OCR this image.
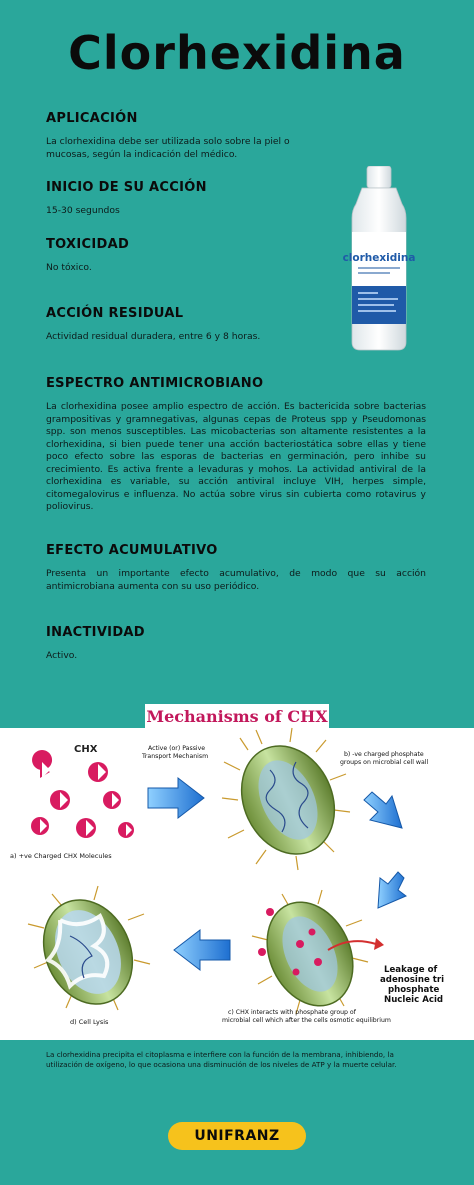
Clorhexidina
APLICACIÓN

La clorhexidina debe ser utilizada solo sobre la piel o mucosas, según la indicación del médico.

INICIO DE SU ACCIÓN

15-30 segundos

TOXICIDAD

No tóxico.

ACCIÓN RESIDUAL

Actividad residual duradera, entre 6 y 8 horas.

ESPECTRO ANTIMICROBIANO

La clorhexidina posee amplio espectro de acción. Es bactericida sobre bacterias grampositivas y gramnegativas, algunas cepas de Proteus spp y Pseudomonas spp. son menos susceptibles. Las micobacterias son altamente resistentes a la clorhexidina, si bien puede tener una acción bacteriostática sobre ellas y tiene poco efecto sobre las esporas de bacterias en germinación, pero inhibe su crecimiento. Es activa frente a levaduras y mohos. La actividad antiviral de la clorhexidina es variable, su acción antiviral incluye VIH, herpes simple, citomegalovirus e influenza. No actúa sobre virus sin cubierta como rotavirus y poliovirus.

EFECTO ACUMULATIVO

Presenta un importante efecto acumulativo, de modo que su acción antimicrobiana aumenta con su uso periódico.

INACTIVIDAD

Activo.

clorhexidina
Mechanisms of CHX
CHX
a) +ve Charged CHX Molecules
Active (or) Passive Transport Mechanism	b) -ve charged phosphate groups on microbial cell wall
Leakage of adenosine tri phosphate Nucleic Acid
c) CHX interacts with phosphate group of microbial cell which after the cells osmotic equilibrium
d) Cell Lysis
La clorhexidina precipita el citoplasma e interfiere con la función de la membrana, inhibiendo, la utilización de oxígeno, lo que ocasiona una disminución de los niveles de ATP y la muerte celular.
UNIFRANZ
